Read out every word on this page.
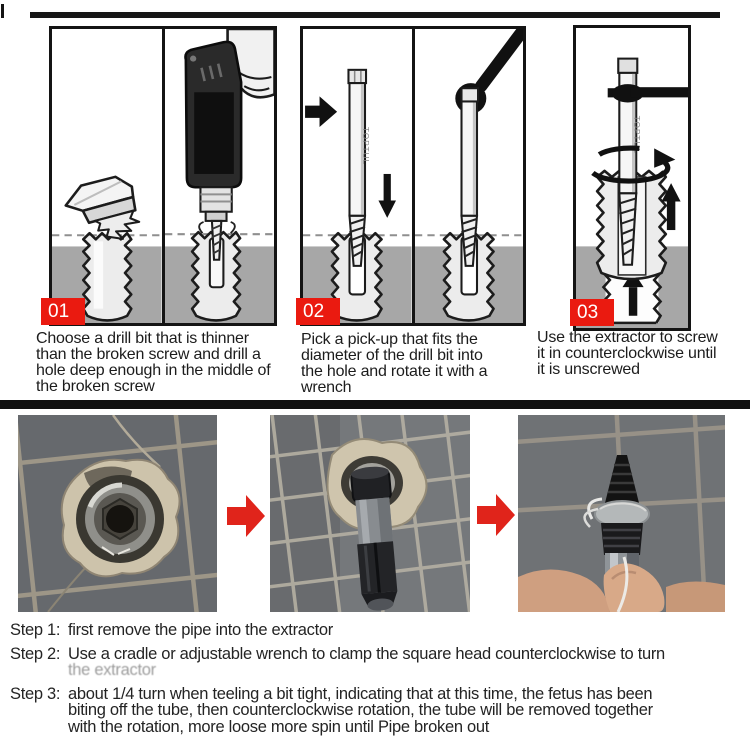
TOPTUL	TOPTUL
01	02	03
Choose a drill bit that is thinner
than the broken screw and drill a
hole deep enough in the middle of
the broken screw
Pick a pick-up that fits the
diameter of the drill bit into
the hole and rotate it with a
wrench
Use the extractor to screw
it in counterclockwise until
it is unscrewed
Step 1: first remove the pipe into the extractor
Step 2: Use a cradle or adjustable wrench to clamp the square head counterclockwise to turn
the extractor
Step 3: about 1/4 turn when teeling a bit tight, indicating that at this time, the fetus has been
biting off the tube, then counterclockwise rotation, the tube will be removed together
with the rotation, more loose more spin until Pipe broken out
